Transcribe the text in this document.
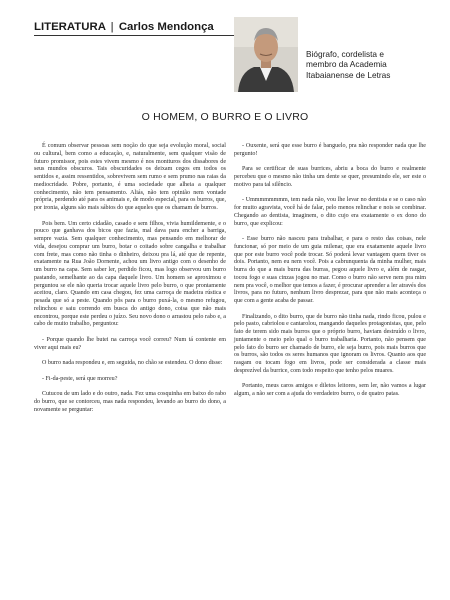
LITERATURA | Carlos Mendonça
Biógrafo, cordelista e
membro da Academia
Itabaianense de Letras
O HOMEM, O BURRO E O LIVRO

É comum observar pessoas sem noção do que seja evolução moral, social ou cultural, bem como a educação, e, naturalmente, sem qualquer visão de futuro promissor, pois estes vivem mesmo é nos montturos dos dissabores de seus mundos obscuros. Tais obscuridades os deixam cegos em todos os sentidos e, assim ressentidos, sobrevivem sem rumo e sem prumo nas raias da mediocridade. Pobre, portanto, é uma sociedade que alheia a qualquer conhecimento, não tem pensamento. Aliás, não tem opinião nem vontade própria, perdendo até para os animais e, de modo especial, para os burros, que, por ironia, alguns são mais sábios do que aqueles que os chamam de burros.

Pois bem. Um certo cidadão, casado e sem filhos, vivia humildemente, e o pouco que ganhava dos bicos que fazia, mal dava para encher a barriga, sempre vazia. Sem qualquer conhecimento, mas pensando em melhorar de vida, desejou comprar um burro, botar o coitado sobre cangalha e trabalhar com frete, mas como não tinha o dinheiro, deixou pra lá, até que de repente, exatamente na Rua João Dornente, achou um livro antigo com o desenho de um burro na capa. Sem saber ler, perdido ficou, mas logo observou um burro pastando, semelhante ao da capa daquele livro. Um homem se aproximou e perguntou se ele não queria trocar aquele livro pelo burro, o que prontamente aceitou, claro. Quando em casa chegou, fez uma carroça de madeira rústica e pesada que só a peste. Quando pôs para o burro puxá-la, o mesmo refugou, relinchou e saiu correndo em busca do antigo dono, coisa que não mais encontrou, porque este perdeu o juízo. Seu novo dono o arrastou pelo rabo e, a cabo de muito trabalho, perguntou:

- Porque quando lhe butei na carroça você correu? Num tá contente em viver aqui mais eu?

O burro nada respondeu e, em seguida, no chão se estendeu. O dono disse:

- Fi-da-peste, será que morreu?

Cutucou de um lado e do outro, nada. Fez uma cosquinha em baixo do rabo do burro, que se contorceu, mas nada respondeu, levando ao burro do dono, a novamente se perguntar:

- Ouxente, será que esse burro é banguelo, pra não responder nada que lhe pergunto!

Para se certificar de suas burrices, abriu a boca do burro e realmente percebeu que o mesmo não tinha um dente se quer, presumindo ele, ser este o motivo para tal silêncio.

- Ummmmmmmm, tem nada não, vou lhe levar no dentista e se o caso não for muito agravista, você há de falar, pelo menos relinchar e nois se combinar. Chegando ao dentista, imaginem, o dito cujo era exatamente o ex dono do burro, que explicou:

- Esse burro não nasceu para trabalhar, e para o resto das coisas, nele funcionar, só por meio de um guia milenar, que era exatamente aquele livro que por este burro você pode trocar. Só poderá levar vantagem quem tiver os dois. Portanto, nem eu nem você. Pois a cabrunquenta da minha mulher, mais burra do que a mais burra das burras, pegou aquele livro e, além de rasgar, tocou fogo e suas cinzas jogou no mar. Como o burro não serve nem pra mim nem pra você, o melhor que temos a fazer, é procurar aprender a ler através dos livros, para no futuro, nenhum livro desprezar, para que não mais aconteça o que com a gente acaba de passar.

Finalizando, o dito burro, que de burro não tinha nada, rindo ficou, pulou e pelo pasto, cabriolou e cantarolou, mangando daqueles protagonistas, que, pelo fato de terem sido mais burros que o próprio burro, haviam destruído o livro, juntamente o meio pelo qual o burro trabalharia. Portanto, não pensem que pelo fato do burro ser chamado de burro, ele seja burro, pois mais burros que os burros, são todos os seres humanos que ignoram os livros. Quanto aos que rasgam ou tocam fogo em livros, pode ser considerada a classe mais desprezível da burrice, com todo respeito que tenho pelos muares.

Portanto, meus caros amigos e diletos leitores, sem ler, não vamos a lugar algum, a não ser com a ajuda do verdadeiro burro, o de quatro patas.
